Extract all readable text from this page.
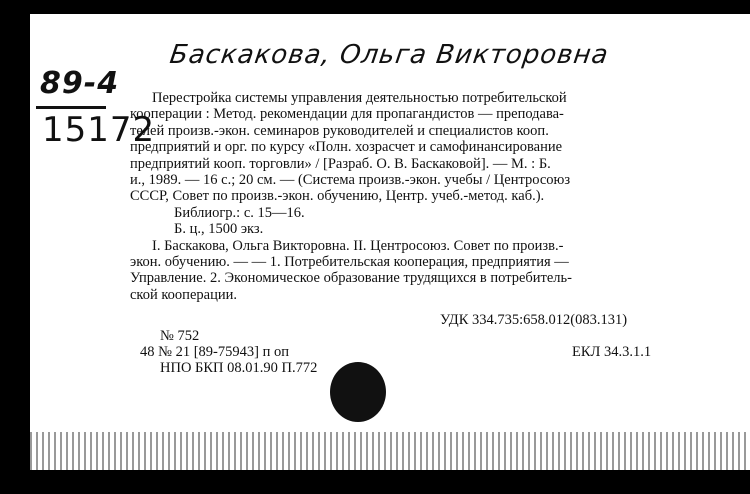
Баскакова, Ольга Викторовна
89-4
15172
Перестройка системы управления деятельностью потребительской
кооперации : Метод. рекомендации для пропагандистов — преподава-
телей произв.-экон. семинаров руководителей и специалистов кооп.
предприятий и орг. по курсу «Полн. хозрасчет и самофинансирование
предприятий кооп. торговли» / [Разраб. О. В. Баскаковой]. — М. : Б.
и., 1989. — 16 с.; 20 см. — (Система произв.-экон. учебы / Центросоюз
СССР, Совет по произв.-экон. обучению, Центр. учеб.-метод. каб.).
Библиогр.: с. 15—16.
Б. ц., 1500 экз.
I. Баскакова, Ольга Викторовна. II. Центросоюз. Совет по произв.-
экон. обучению. — — 1. Потребительская кооперация, предприятия —
Управление. 2. Экономическое образование трудящихся в потребитель-
ской кооперации.
УДК 334.735:658.012(083.131)
№ 752
48 № 21 [89-75943] п оп	ЕКЛ 34.3.1.1
НПО БКП 08.01.90 П.772
